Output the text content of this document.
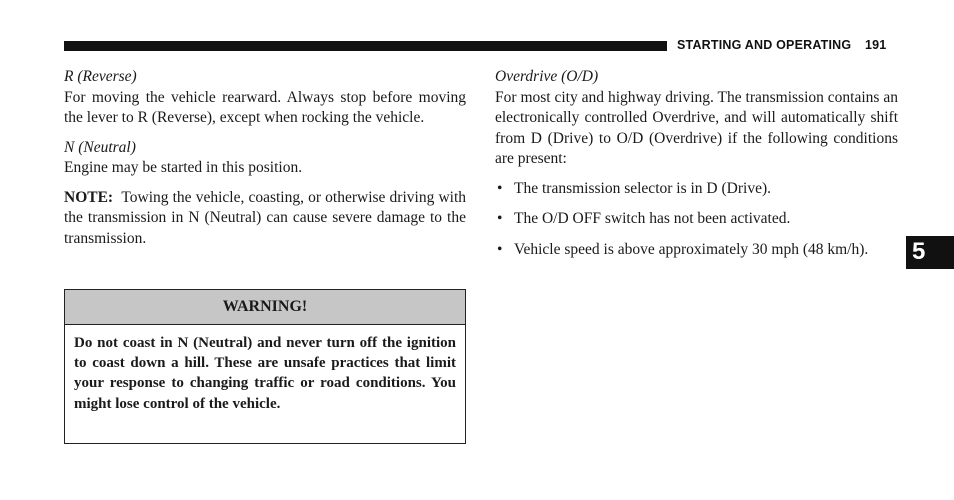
STARTING AND OPERATING 191

R (Reverse)

For moving the vehicle rearward. Always stop before moving the lever to R (Reverse), except when rocking the vehicle.

N (Neutral)

Engine may be started in this position.

NOTE: Towing the vehicle, coasting, or otherwise driving with the transmission in N (Neutral) can cause severe damage to the transmission.

WARNING!
Do not coast in N (Neutral) and never turn off the ignition to coast down a hill. These are unsafe practices that limit your response to changing traffic or road conditions. You might lose control of the vehicle.

Overdrive (O/D)

For most city and highway driving. The transmission contains an electronically controlled Overdrive, and will automatically shift from D (Drive) to O/D (Overdrive) if the following conditions are present:

• The transmission selector is in D (Drive).
• The O/D OFF switch has not been activated.
• Vehicle speed is above approximately 30 mph (48 km/h).	5
